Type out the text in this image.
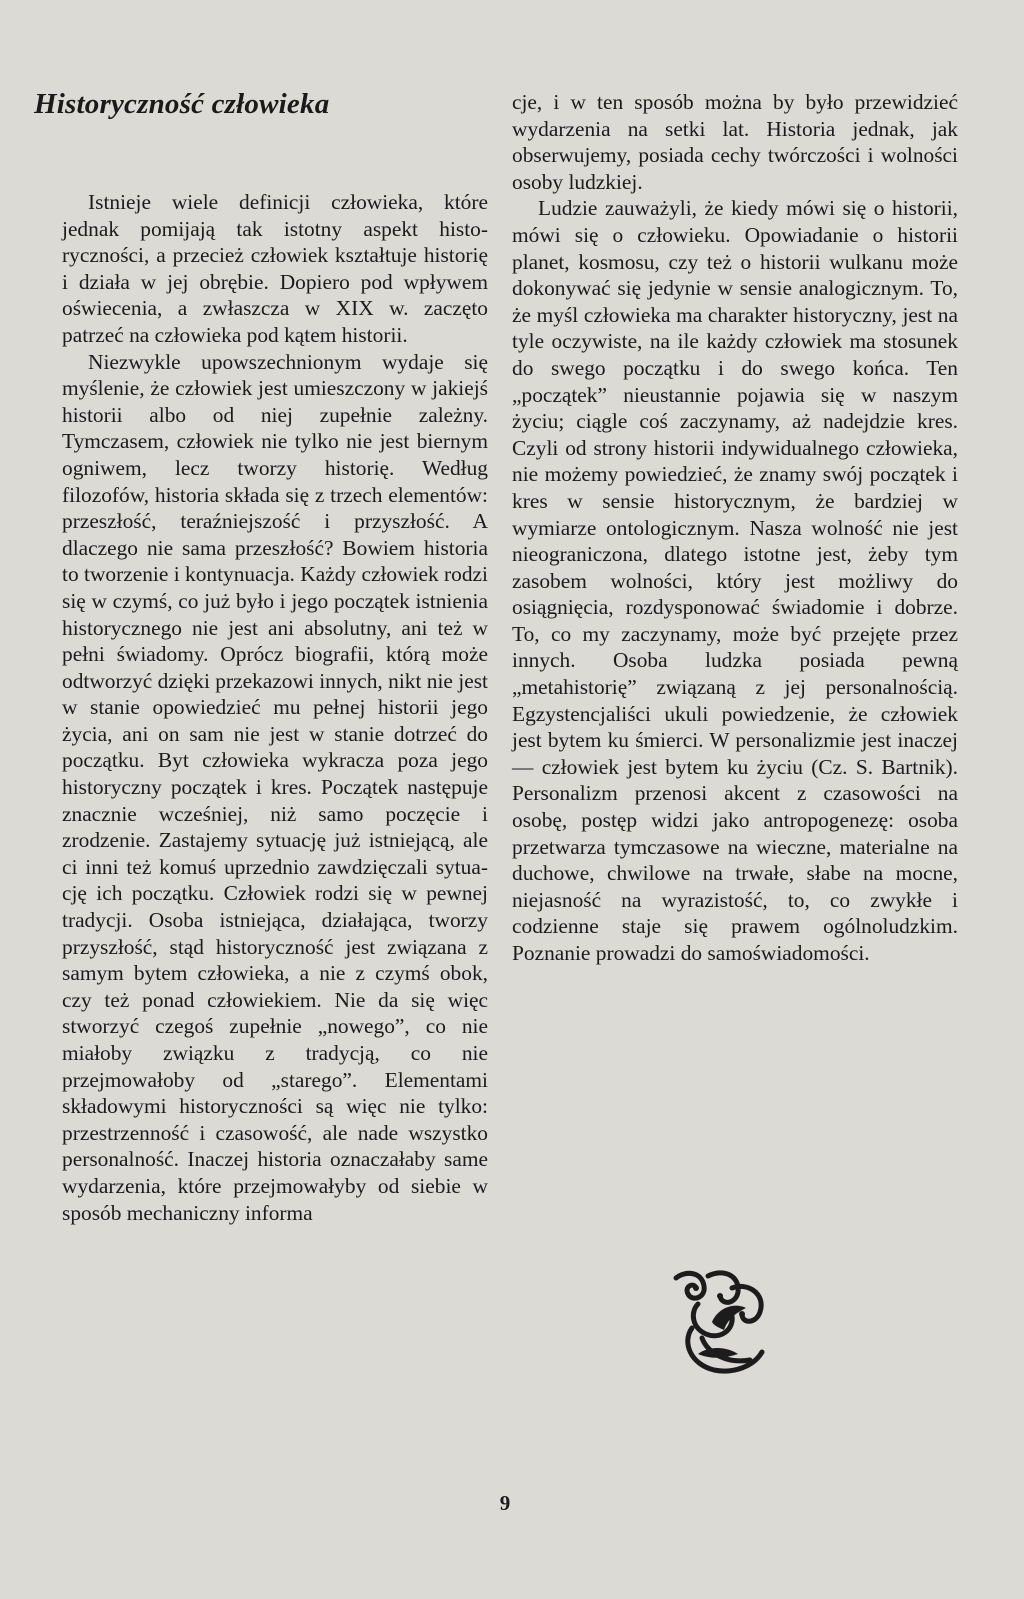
Historyczność człowieka

Istnieje wiele definicji człowieka, które jednak pomijają tak istotny aspekt historyczności, a przecież człowiek kształtuje historię i działa w jej obrębie. Dopiero pod wpływem oświecenia, a zwłaszcza w XIX w. zaczęto patrzeć na człowieka pod kątem historii.

Niezwykle upowszechnionym wydaje się myślenie, że człowiek jest umieszczony w jakiejś historii albo od niej zupełnie zależny. Tymczasem, człowiek nie tylko nie jest biernym ogniwem, lecz tworzy historię. Według filozofów, historia składa się z trzech elementów: przeszłość, teraźniejszość i przyszłość. A dlaczego nie sama przeszłość? Bowiem historia to tworzenie i kontynuacja. Każdy człowiek rodzi się w czymś, co już było i jego początek istnienia historycznego nie jest ani absolutny, ani też w pełni świadomy. Oprócz biografii, którą może odtworzyć dzięki przekazowi innych, nikt nie jest w stanie opowiedzieć mu pełnej historii jego życia, ani on sam nie jest w stanie dotrzeć do początku. Byt człowieka wykracza poza jego historyczny początek i kres. Początek następuje znacznie wcześniej, niż samo poczęcie i zrodzenie. Zastajemy sytuację już istniejącą, ale ci inni też komuś uprzednio zawdzięczali sytuację ich początku. Człowiek rodzi się w pewnej tradycji. Osoba istniejąca, działająca, tworzy przyszłość, stąd historyczność jest związana z samym bytem człowieka, a nie z czymś obok, czy też ponad człowiekiem. Nie da się więc stworzyć czegoś zupełnie „nowego”, co nie miałoby związku z tradycją, co nie przejmowałoby od „starego”. Elementami składowymi historyczności są więc nie tylko: przestrzenność i czasowość, ale nade wszystko personalność. Inaczej historia oznaczałaby same wydarzenia, które przejmowałyby od siebie w sposób mechaniczny informa

cje, i w ten sposób można by było przewidzieć wydarzenia na setki lat. Historia jednak, jak obserwujemy, posiada cechy twórczości i wolności osoby ludzkiej.

Ludzie zauważyli, że kiedy mówi się o historii, mówi się o człowieku. Opowiadanie o historii planet, kosmosu, czy też o historii wulkanu może dokonywać się jedynie w sensie analogicznym. To, że myśl człowieka ma charakter historyczny, jest na tyle oczywiste, na ile każdy człowiek ma stosunek do swego początku i do swego końca. Ten „początek” nieustannie pojawia się w naszym życiu; ciągle coś zaczynamy, aż nadejdzie kres. Czyli od strony historii indywidualnego człowieka, nie możemy powiedzieć, że znamy swój początek i kres w sensie historycznym, że bardziej w wymiarze ontologicznym. Nasza wolność nie jest nieograniczona, dlatego istotne jest, żeby tym zasobem wolności, który jest możliwy do osiągnięcia, rozdysponować świadomie i dobrze. To, co my zaczynamy, może być przejęte przez innych. Osoba ludzka posiada pewną „metahistorię” związaną z jej personalnością. Egzystencjaliści ukuli powiedzenie, że człowiek jest bytem ku śmierci. W personalizmie jest inaczej — człowiek jest bytem ku życiu (Cz. S. Bartnik). Personalizm przenosi akcent z czasowości na osobę, postęp widzi jako antropogenezę: osoba przetwarza tymczasowe na wieczne, materialne na duchowe, chwilowe na trwałe, słabe na mocne, niejasność na wyrazistość, to, co zwykłe i codzienne staje się prawem ogólnoludzkim. Poznanie prowadzi do samoświadomości.

9
